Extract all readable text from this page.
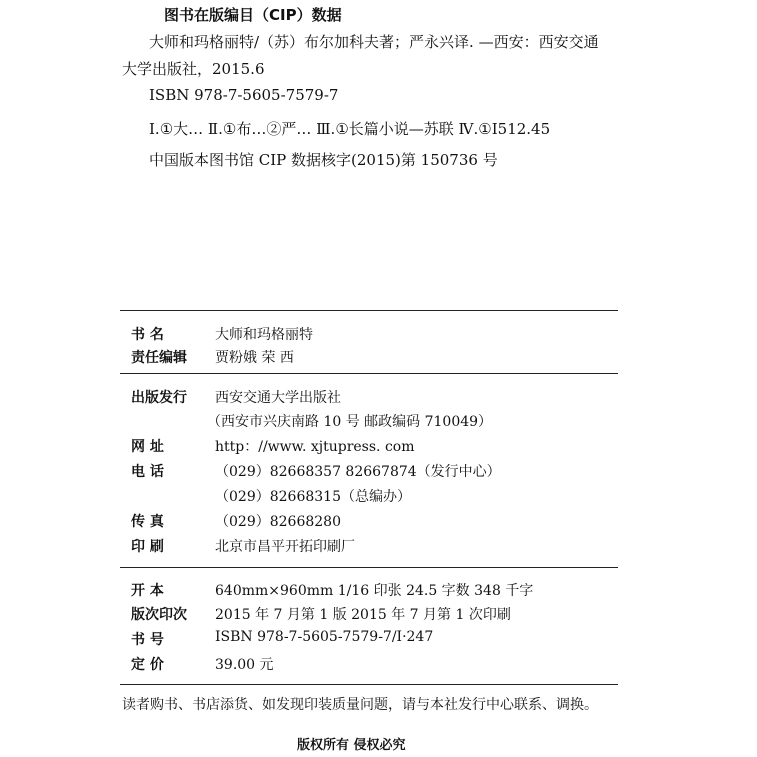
图书在版编目（CIP）数据
大师和玛格丽特/（苏）布尔加科夫著；严永兴译. —西安：西安交通
大学出版社，2015.6
ISBN 978-7-5605-7579-7
Ⅰ.①大… Ⅱ.①布…②严… Ⅲ.①长篇小说—苏联 Ⅳ.①I512.45
中国版本图书馆 CIP 数据核字(2015)第 150736 号
书 名	大师和玛格丽特
责任编辑 贾粉娥 荣 西
出版发行 西安交通大学出版社
（西安市兴庆南路 10 号 邮政编码 710049）
网 址	http：//www. xjtupress. com
电 话	（029）82668357 82667874（发行中心）
（029）82668315（总编办）
传 真	（029）82668280
印 刷	北京市昌平开拓印刷厂
开 本	640mm×960mm 1/16 印张 24.5 字数 348 千字
版次印次 2015 年 7 月第 1 版 2015 年 7 月第 1 次印刷
书 号	ISBN 978-7-5605-7579-7/I·247
定 价	39.00 元
读者购书、书店添货、如发现印装质量问题，请与本社发行中心联系、调换。
版权所有 侵权必究
